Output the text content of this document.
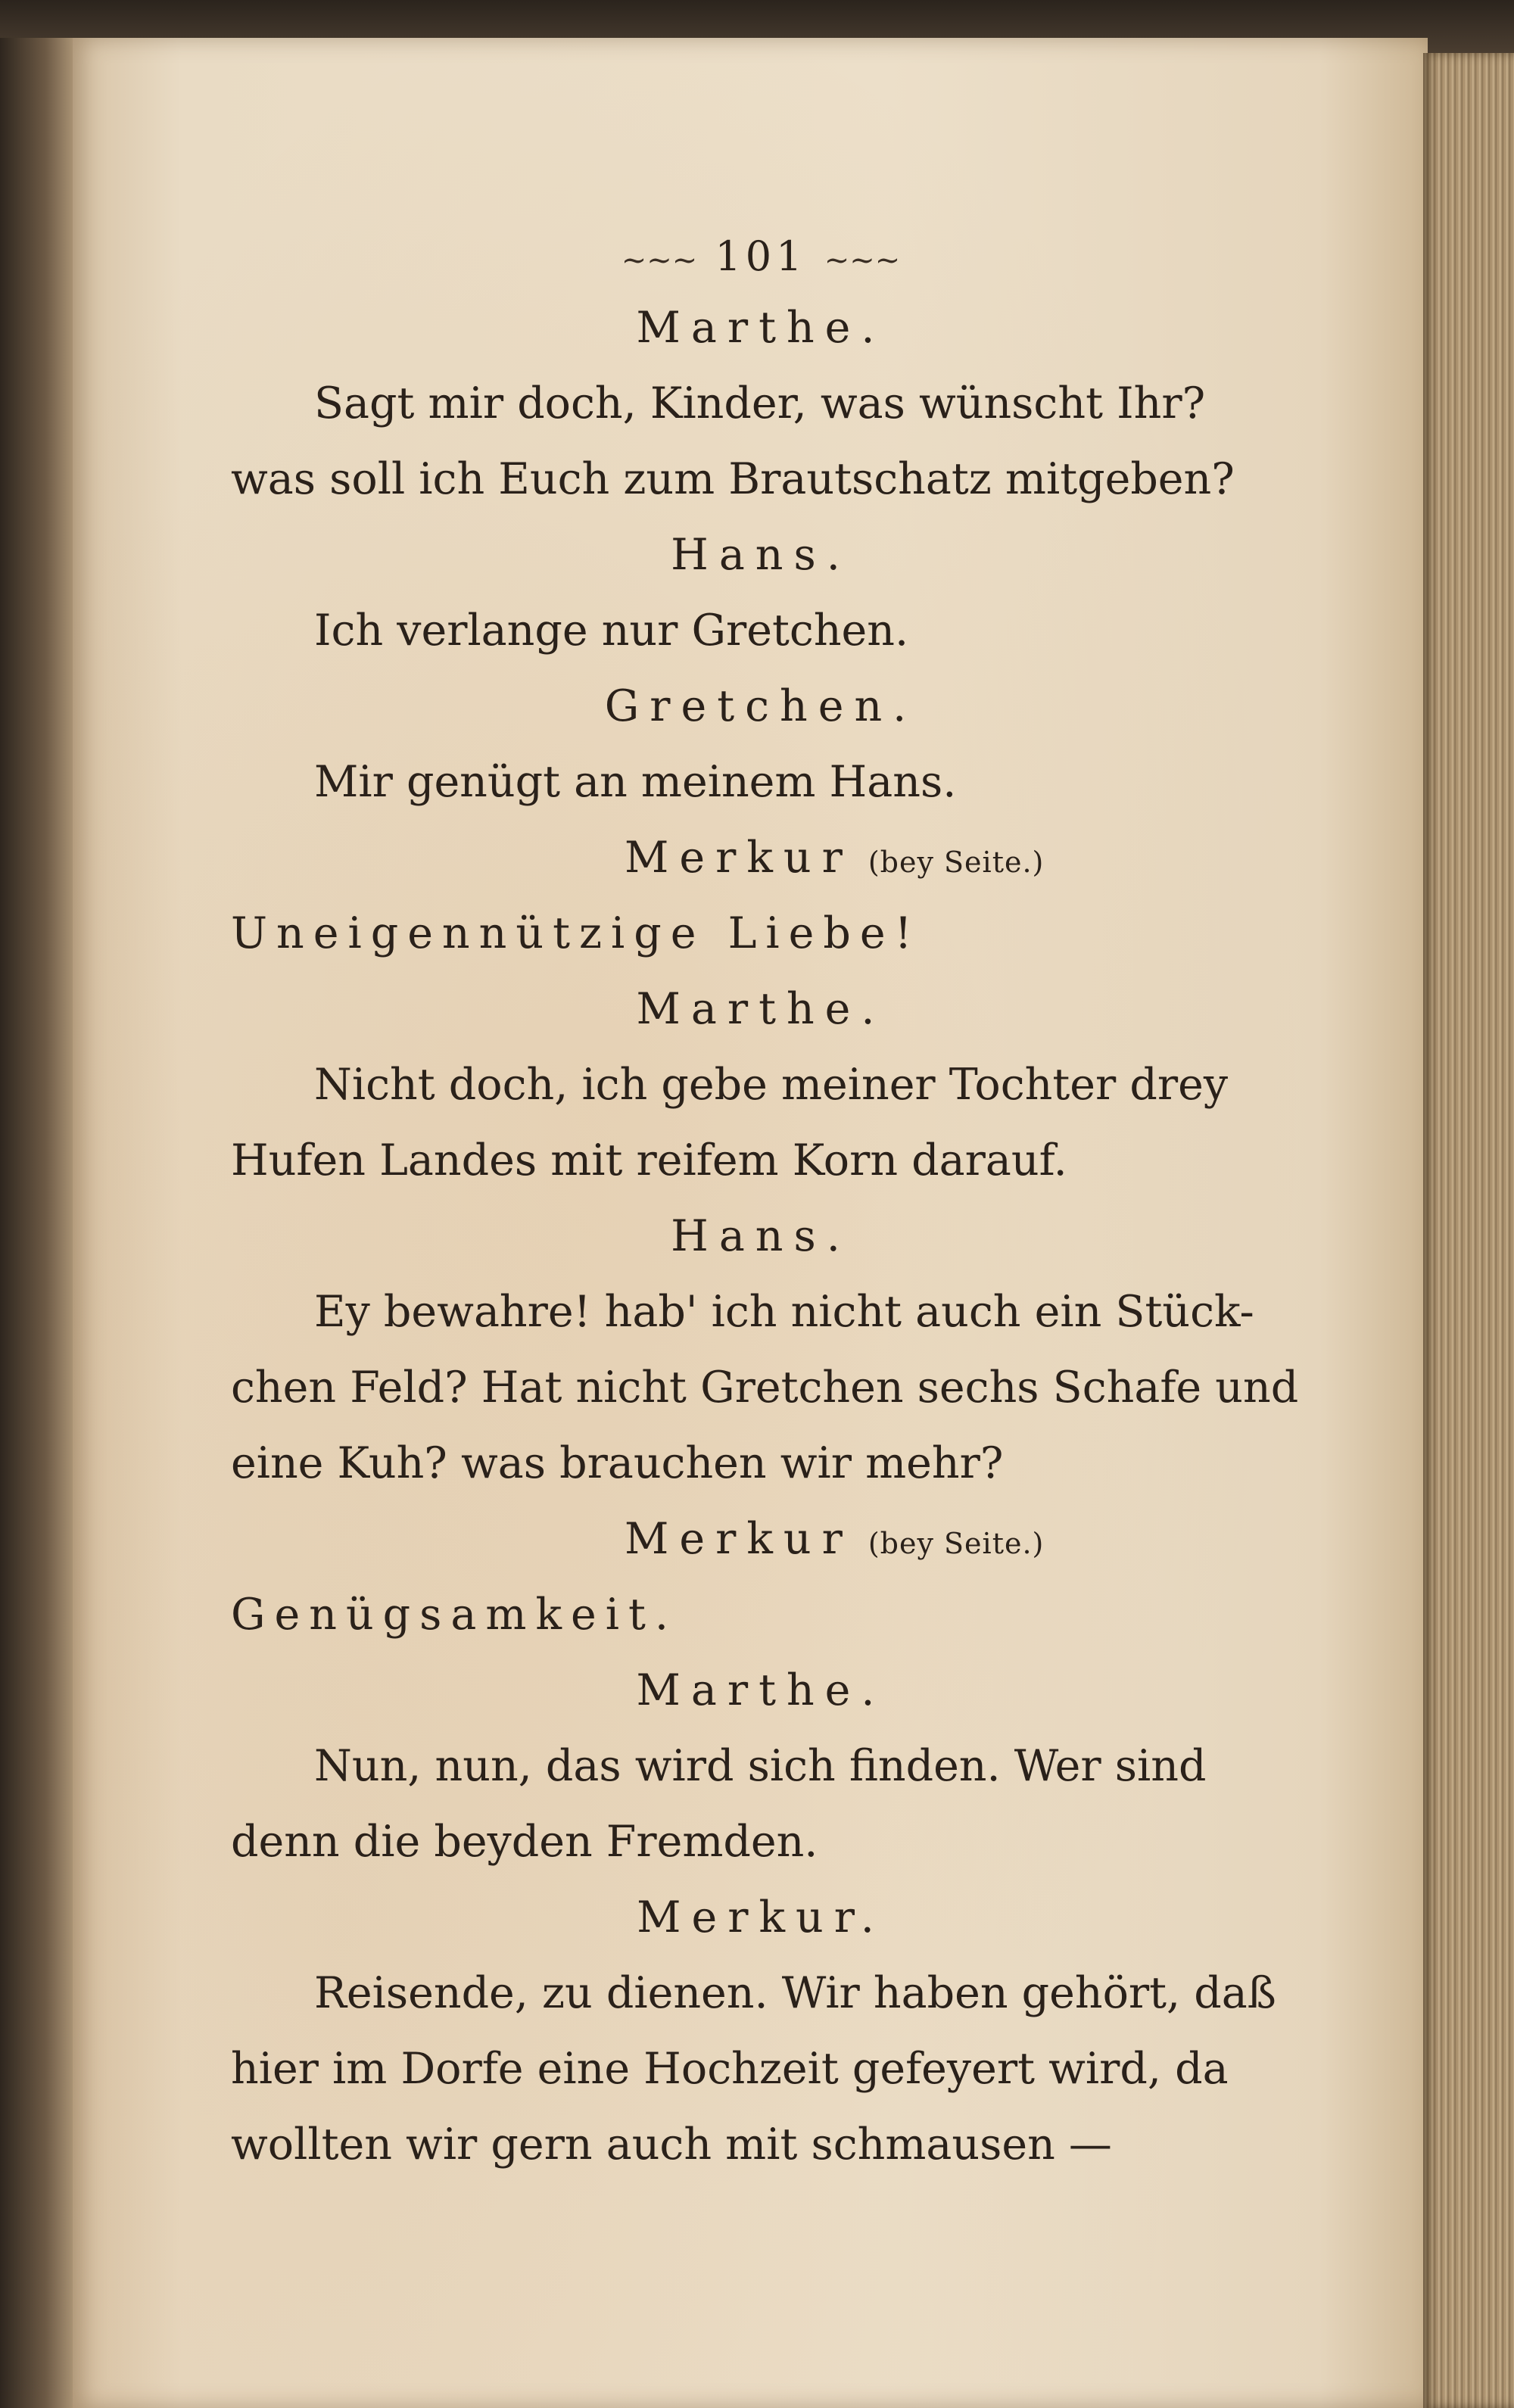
~~~ 101 ~~~
Marthe.
Sagt mir doch, Kinder, was wünscht Ihr?
was soll ich Euch zum Brautschatz mitgeben?
Hans.
Ich verlange nur Gretchen.
Gretchen.
Mir genügt an meinem Hans.
Merkur (bey Seite.)
Uneigennützige Liebe!
Marthe.
Nicht doch, ich gebe meiner Tochter drey
Hufen Landes mit reifem Korn darauf.
Hans.
Ey bewahre! hab' ich nicht auch ein Stück-
chen Feld? Hat nicht Gretchen sechs Schafe und
eine Kuh? was brauchen wir mehr?
Merkur (bey Seite.)
Genügsamkeit.
Marthe.
Nun, nun, das wird sich finden. Wer sind
denn die beyden Fremden.
Merkur.
Reisende, zu dienen. Wir haben gehört, daß
hier im Dorfe eine Hochzeit gefeyert wird, da
wollten wir gern auch mit schmausen —
